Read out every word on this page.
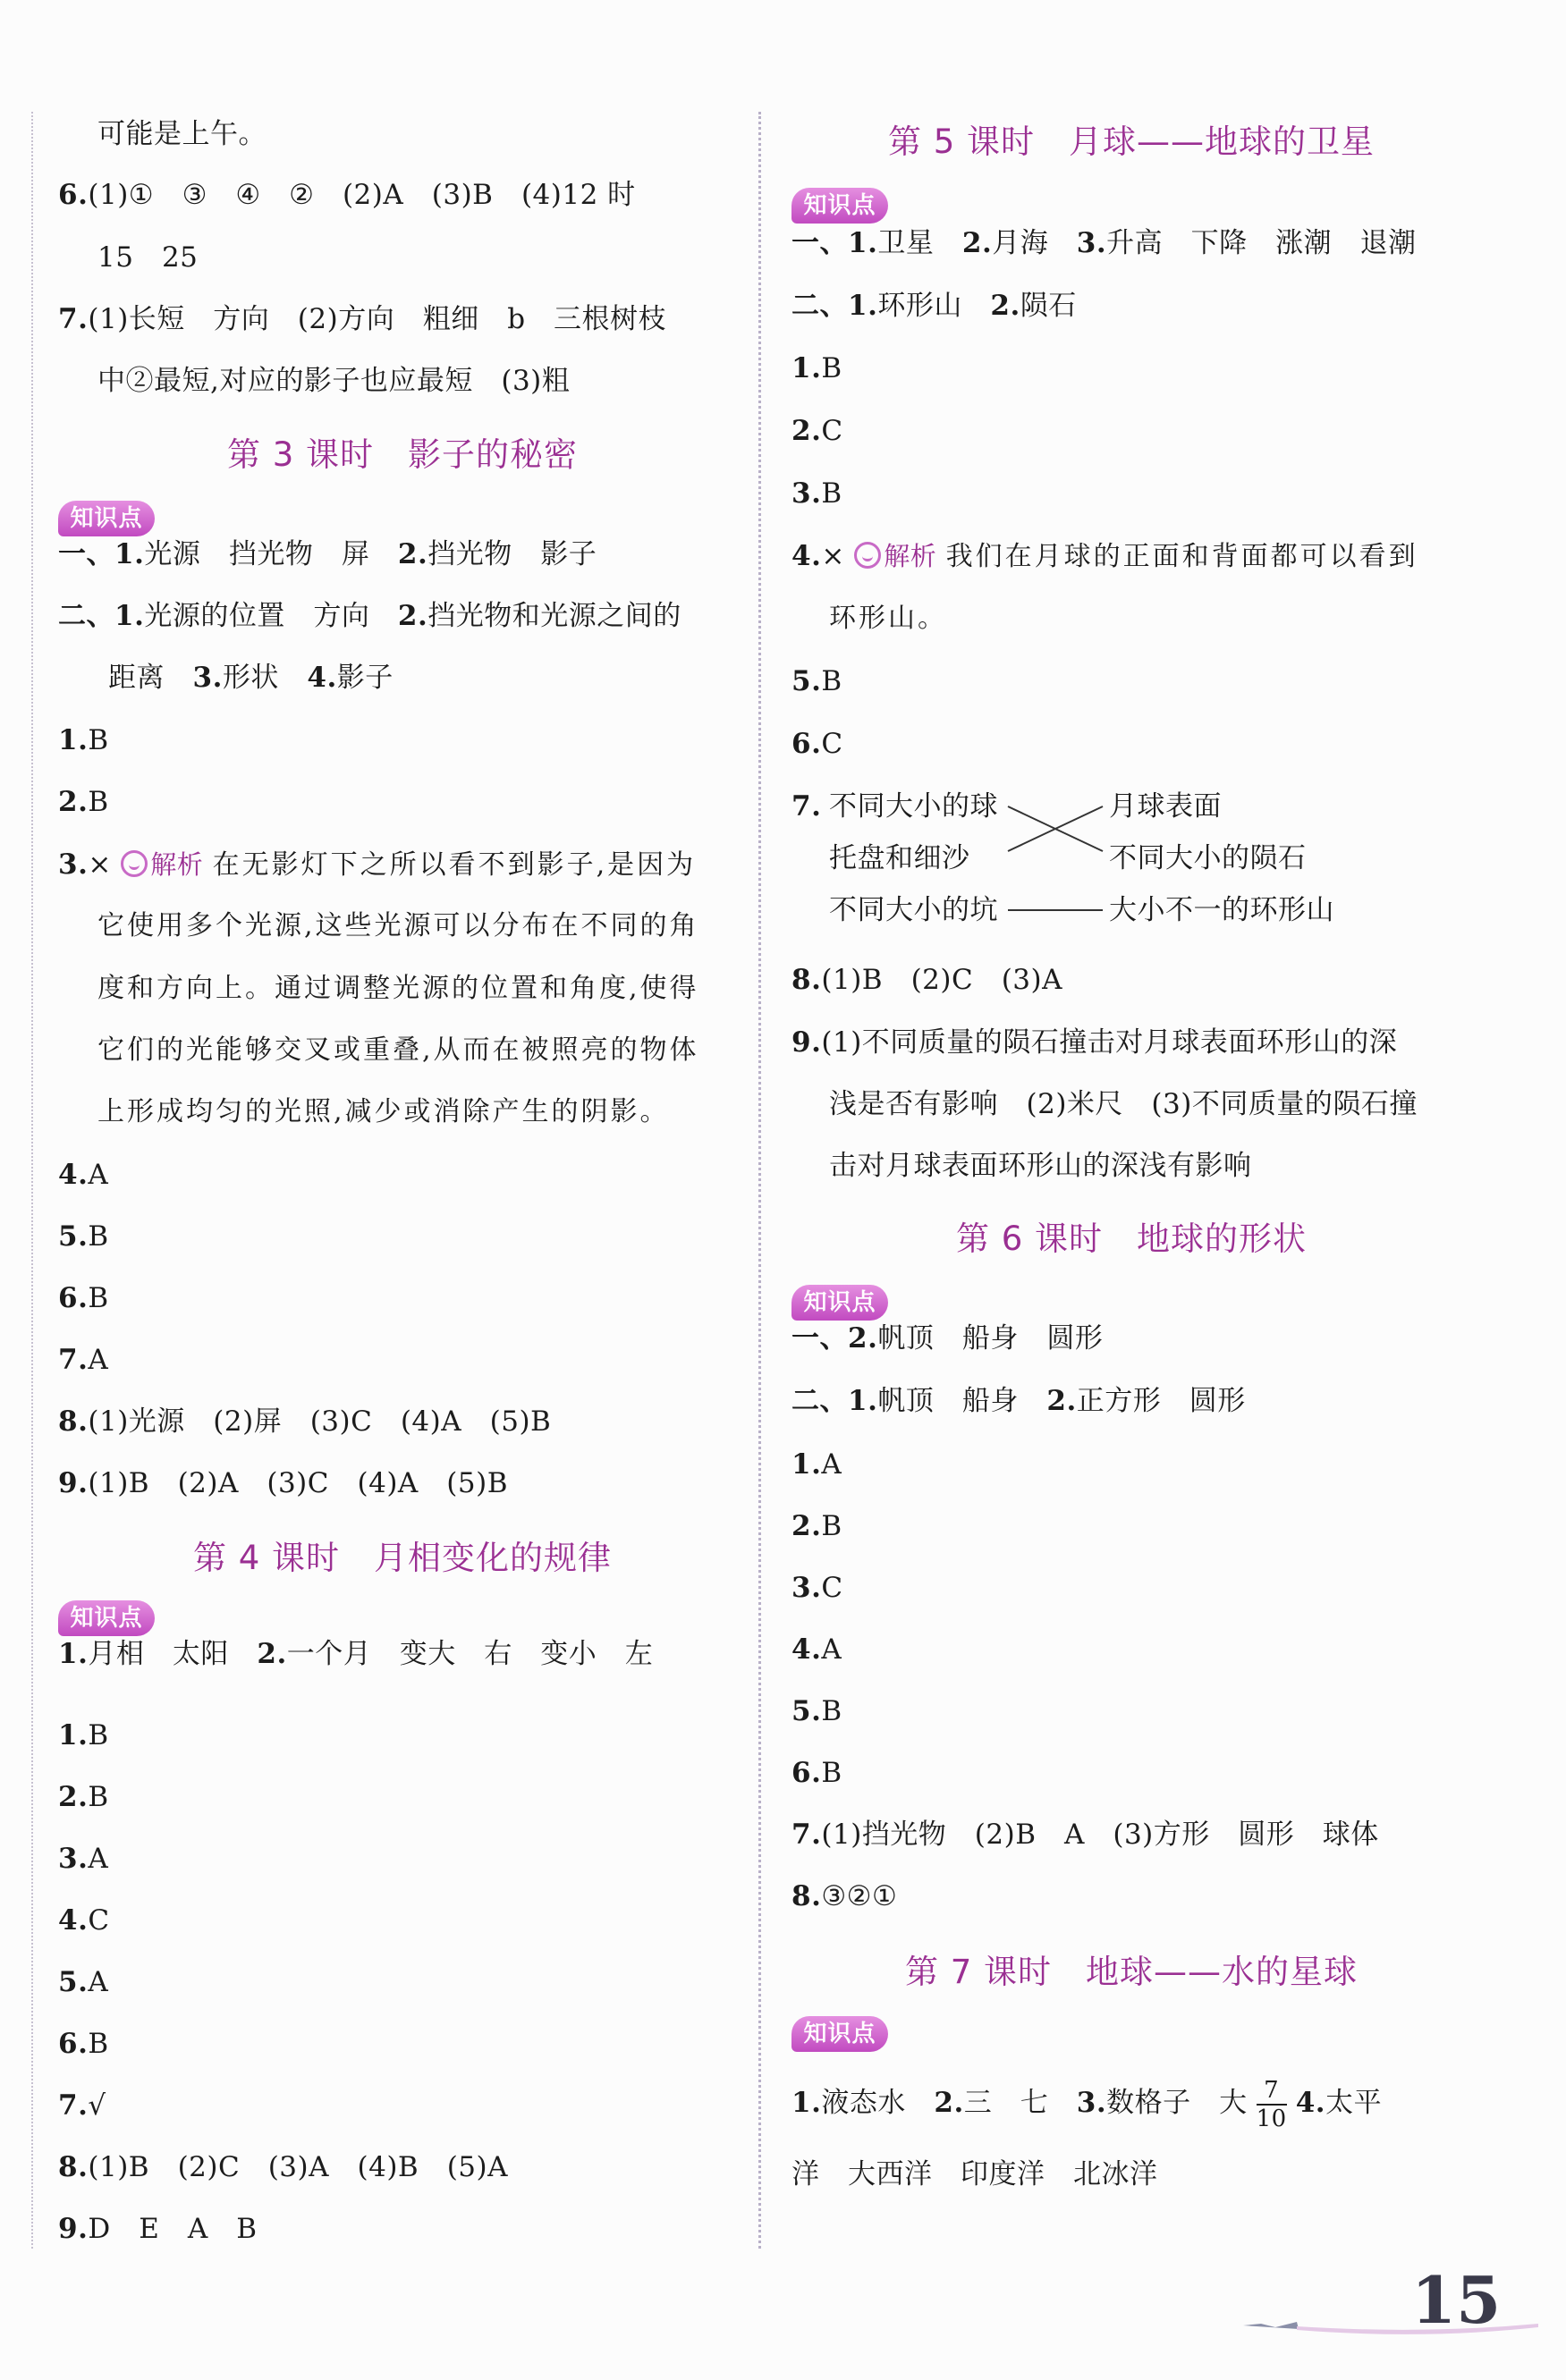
可能是上午。
6.(1)①　③　④　②　(2)A　(3)B　(4)12 时
15　25
7.(1)长短　方向　(2)方向　粗细　b　三根树枝
中②最短,对应的影子也应最短　(3)粗
第 3 课时　影子的秘密
知识点
一、1.光源　挡光物　屏　2.挡光物　影子
二、1.光源的位置　方向　2.挡光物和光源之间的
距离　3.形状　4.影子
1.B
2.B
3.× 解析 在无影灯下之所以看不到影子,是因为
它使用多个光源,这些光源可以分布在不同的角
度和方向上。通过调整光源的位置和角度,使得
它们的光能够交叉或重叠,从而在被照亮的物体
上形成均匀的光照,减少或消除产生的阴影。
4.A
5.B
6.B
7.A
8.(1)光源　(2)屏　(3)C　(4)A　(5)B
9.(1)B　(2)A　(3)C　(4)A　(5)B
第 4 课时　月相变化的规律
知识点
1.月相　太阳　2.一个月　变大　右　变小　左
1.B
2.B
3.A
4.C
5.A
6.B
7.√
8.(1)B　(2)C　(3)A　(4)B　(5)A
9.D　E　A　B
第 5 课时　月球——地球的卫星
知识点
一、1.卫星　2.月海　3.升高　下降　涨潮　退潮
二、1.环形山　2.陨石
1.B
2.C
3.B
4.× 解析 我们在月球的正面和背面都可以看到
环形山。
5.B
6.C
7. 不同大小的球
托盘和细沙
不同大小的坑
月球表面
不同大小的陨石
大小不一的环形山
8.(1)B　(2)C　(3)A
9.(1)不同质量的陨石撞击对月球表面环形山的深
浅是否有影响　(2)米尺　(3)不同质量的陨石撞
击对月球表面环形山的深浅有影响
第 6 课时　地球的形状
知识点
一、2.帆顶　船身　圆形
二、1.帆顶　船身　2.正方形　圆形
1.A
2.B
3.C
4.A
5.B
6.B
7.(1)挡光物　(2)B　A　(3)方形　圆形　球体
8.③②①
第 7 课时　地球——水的星球
知识点
1.液态水　2.三　七　3.数格子　大 $\frac{7}{10} 4$.太平
洋　大西洋　印度洋　北冰洋
15
